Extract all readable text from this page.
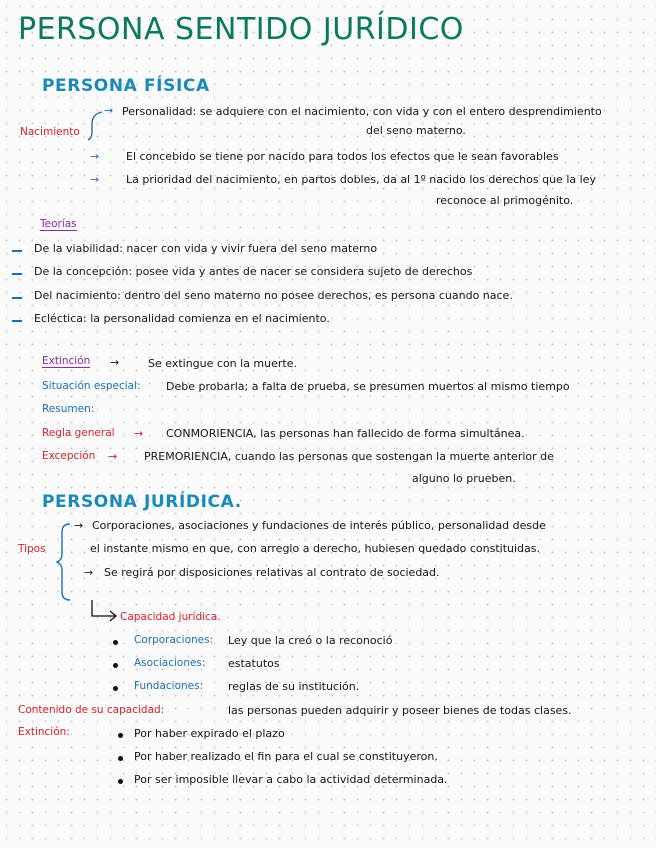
PERSONA SENTIDO JURÍDICO
PERSONA FÍSICA
Nacimiento
→ Personalidad: se adquiere con el nacimiento, con vida y con el entero desprendimiento
del seno materno.
→ El concebido se tiene por nacido para todos los efectos que le sean favorables
→ La prioridad del nacimiento, en partos dobles, da al 1º nacido los derechos que la ley
reconoce al primogénito.
Teorías
De la viabilidad: nacer con vida y vivir fuera del seno materno
De la concepción: posee vida y antes de nacer se considera sujeto de derechos
Del nacimiento: dentro del seno materno no posee derechos, es persona cuando nace.
Ecléctica: la personalidad comienza en el nacimiento.
Extinción →	Se extingue con la muerte.
Situación especial: Debe probarla; a falta de prueba, se presumen muertos al mismo tiempo
Resumen:
Regla general → CONMORIENCIA, las personas han fallecido de forma simultánea.
Excepción → PREMORIENCIA, cuando las personas que sostengan la muerte anterior de
alguno lo prueben.
PERSONA JURÍDICA.
Tipos
→ Corporaciones, asociaciones y fundaciones de interés público, personalidad desde
el instante mismo en que, con arreglo a derecho, hubiesen quedado constituidas.
→ Se regirá por disposiciones relativas al contrato de sociedad.
Capacidad jurídica.
Corporaciones: Ley que la creó o la reconoció
Asociaciones: estatutos
Fundaciones: reglas de su institución.
Contenido de su capacidad:	las personas pueden adquirir y poseer bienes de todas clases.
Extinción:	Por haber expirado el plazo
Por haber realizado el fin para el cual se constituyeron.
Por ser imposible llevar a cabo la actividad determinada.
